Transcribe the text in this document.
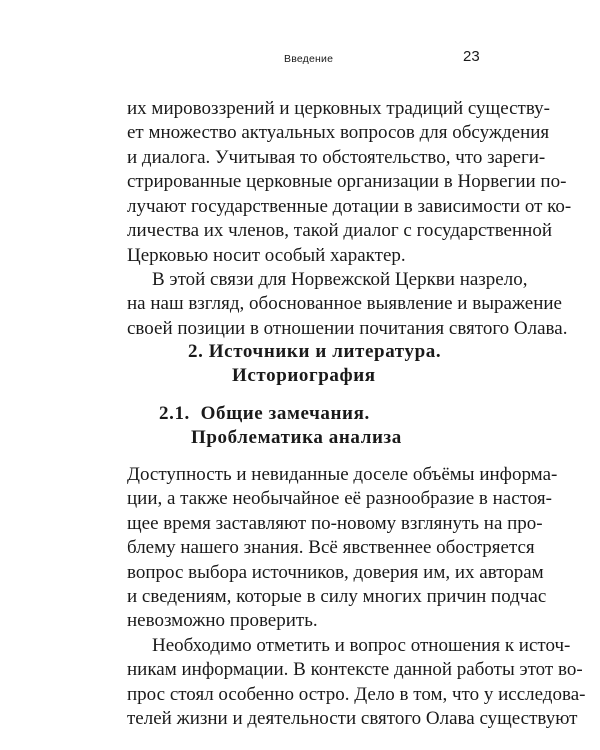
Введение	23
их мировоззрений и церковных традиций существу-
ет множество актуальных вопросов для обсуждения
и диалога. Учитывая то обстоятельство, что зареги-
стрированные церковные организации в Норвегии по-
лучают государственные дотации в зависимости от ко-
личества их членов, такой диалог с государственной
Церковью носит особый характер.
В этой связи для Норвежской Церкви назрело,
на наш взгляд, обоснованное выявление и выражение
своей позиции в отношении почитания святого Олава.
2. Источники и литература.
Историография
2.1.  Общие замечания.
Проблематика анализа
Доступность и невиданные доселе объёмы информа-
ции, а также необычайное её разнообразие в настоя-
щее время заставляют по-новому взглянуть на про-
блему нашего знания. Всё явственнее обостряется
вопрос выбора источников, доверия им, их авторам
и сведениям, которые в силу многих причин подчас
невозможно проверить.
Необходимо отметить и вопрос отношения к источ-
никам информации. В контексте данной работы этот во-
прос стоял особенно остро. Дело в том, что у исследова-
телей жизни и деятельности святого Олава существуют
